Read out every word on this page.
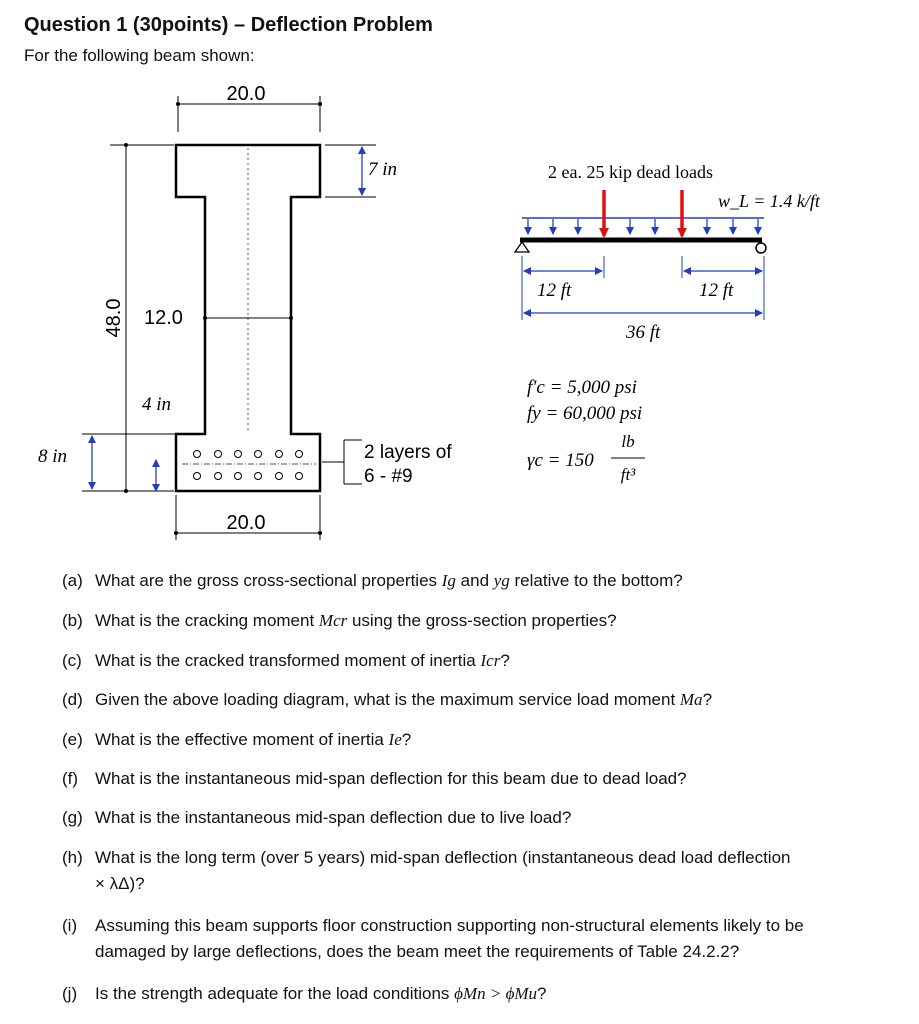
Question 1 (30points) – Deflection Problem
For the following beam shown:
20.0
7 in
48.0 12.0
4 in
8 in
20.0
2 layers of
6 - #9
2 ea. 25 kip dead loads
w_L = 1.4 k/ft
12 ft	12 ft
36 ft
f′c = 5,000 psi
fy = 60,000 psi
γc = 150
lb
ft³
(a) What are the gross cross-sectional properties Ig and yg relative to the bottom?
(b) What is the cracking moment Mcr using the gross-section properties?
(c) What is the cracked transformed moment of inertia Icr?
(d) Given the above loading diagram, what is the maximum service load moment Ma?
(e) What is the effective moment of inertia Ie?
(f) What is the instantaneous mid-span deflection for this beam due to dead load?
(g) What is the instantaneous mid-span deflection due to live load?
(h) What is the long term (over 5 years) mid-span deflection (instantaneous dead load deflection
× λΔ)?
(i) Assuming this beam supports floor construction supporting non-structural elements likely to be
damaged by large deflections, does the beam meet the requirements of Table 24.2.2?
(j) Is the strength adequate for the load conditions ϕMn > ϕMu?
